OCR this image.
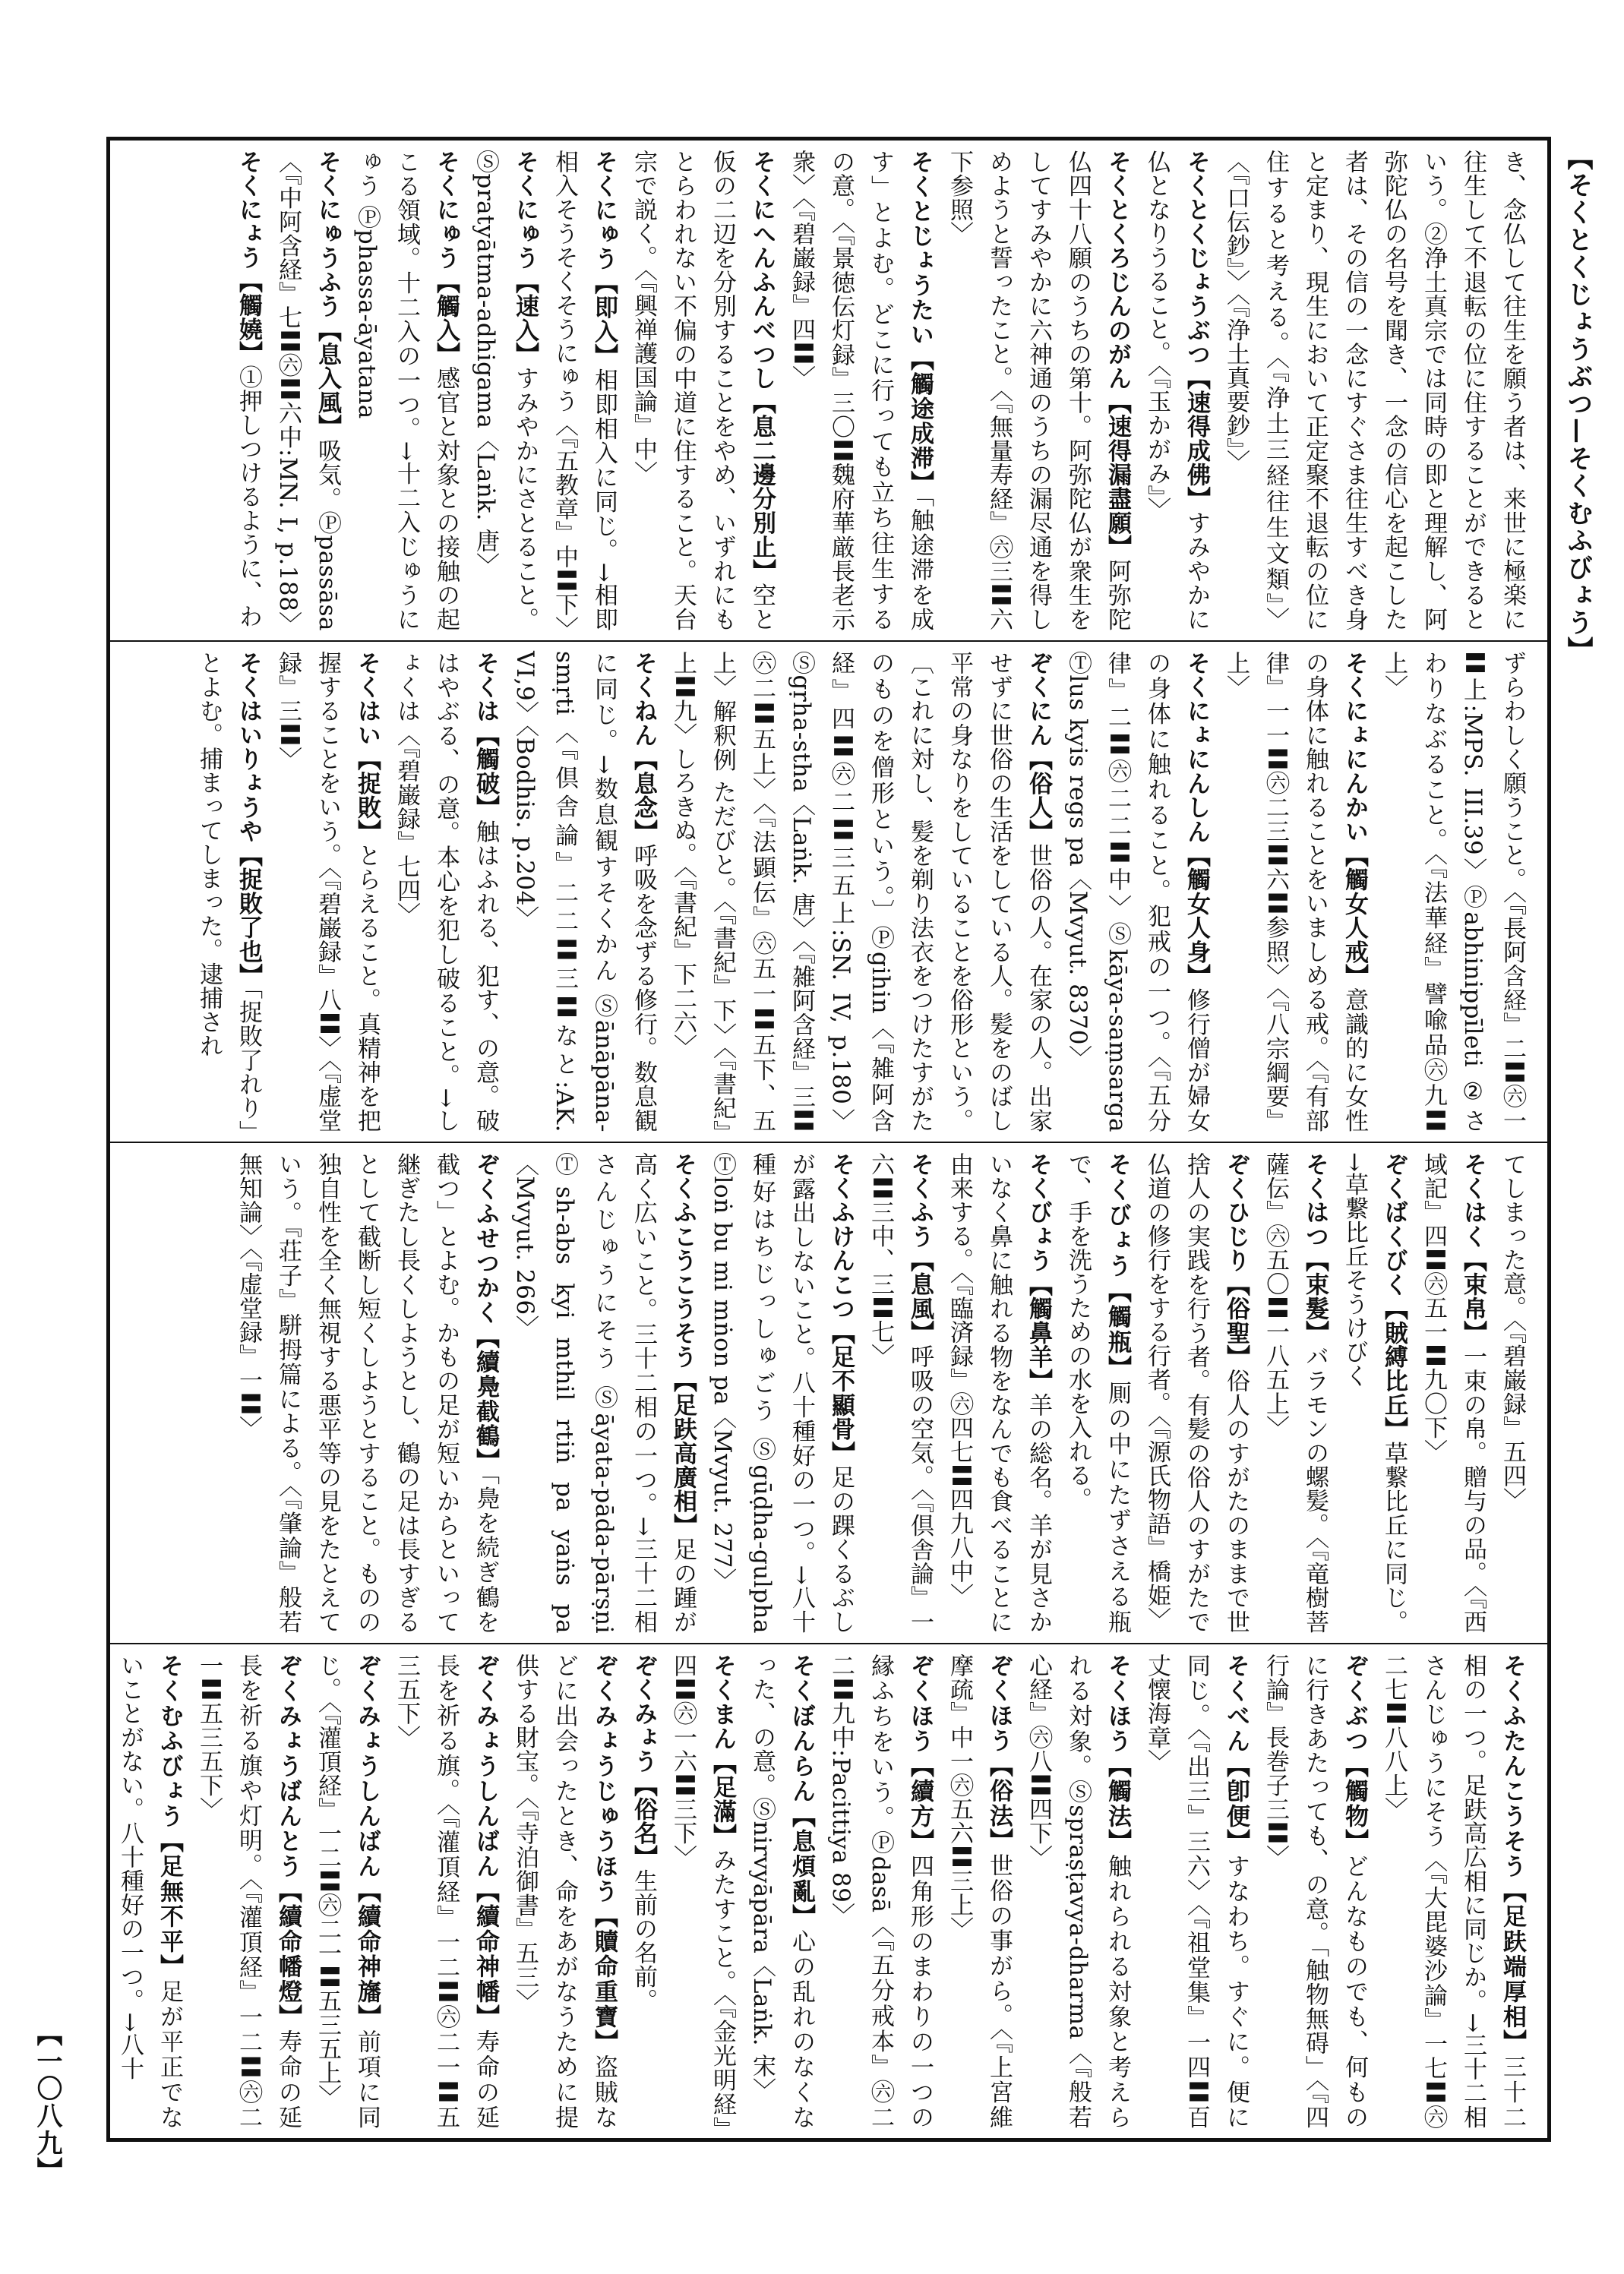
【そくとくじょうぶつ—そくむふびょう】
【一〇八九】
き、念仏して往生を願う者は、来世に極楽に往生して不退転の位に住することができるという。②浄土真宗では同時の即と理解し、阿弥陀仏の名号を聞き、一念の信心を起こした者は、その信の一念にすぐさま往生すべき身と定まり、現生において正定聚不退転の位に住すると考える。〈『浄土三経往生文類』〉〈『口伝鈔』〉〈『浄土真要鈔』〉
そくとくじょうぶつ【速得成佛】すみやかに仏となりうること。〈『玉かがみ』〉
そくとくろじんのがん【速得漏盡願】阿弥陀仏四十八願のうちの第十。阿弥陀仏が衆生をしてすみやかに六神通のうちの漏尽通を得しめようと誓ったこと。〈『無量寿経』㊅三〓六下参照〉
そくとじょうたい【觸途成滞】「触途滞を成す」とよむ。どこに行っても立ち往生する の意。〈『景徳伝灯録』三〇〓魏府華厳長老示衆〉〈『碧巌録』四〓〉
そくにへんふんべつし【息二邊分別止】空と仮の二辺を分別することをやめ、いずれにもとらわれない不偏の中道に住すること。天台宗で説く。〈『興禅護国論』中〉
そくにゅう【即入】相即相入に同じ。→相即相入そうそくそうにゅう〈『五教章』中〓下〉
そくにゅう【速入】すみやかにさとること。Ⓢpratyātma-adhigama〈Laṅk. 唐〉
そくにゅう【觸入】感官と対象との接触の起こる領域。十二入の一つ。→十二入じゅうにゅう Ⓟphassa-āyatana
そくにゅうふう【息入風】吸気。Ⓟpassāsa〈『中阿含経』七〓㊅〓六中:MN. I, p.188〉
そくにょう【觸嬈】①押しつけるように、わ
ずらわしく願うこと。〈『長阿含経』二〓㊅一〓上:MPS. III.39〉Ⓟabhinippīleti ②さわりなぶること。〈『法華経』譬喩品㊅九〓上〉
そくにょにんかい【觸女人戒】意識的に女性の身体に触れることをいましめる戒。〈『有部律』一一〓㊅二三〓六〓参照〉〈『八宗綱要』上〉
そくにょにんしん【觸女人身】修行僧が婦女の身体に触れること。犯戒の一つ。〈『五分律』二〓㊅二二〓中〉Ⓢkāya-saṃsarga Ⓣlus kyis regs pa〈Mvyut. 8370〉
ぞくにん【俗人】世俗の人。在家の人。出家せずに世俗の生活をしている人。髪をのばし平常の身なりをしていることを俗形という。〔これに対し、髪を剃り法衣をつけたすがたのものを僧形という。〕Ⓟgihin〈『雑阿含経』四〓㊅二〓三五上:SN. IV, p.180〉Ⓢgṛha-stha〈Laṅk. 唐〉〈『雑阿含経』三〓㊅二〓五上〉〈『法顕伝』㊅五一〓五下、五上〉解釈例 ただびと。〈『書紀』下〉〈『書紀』上〓九〉しろきぬ。〈『書紀』下二六〉
そくねん【息念】呼吸を念ずる修行。数息観に同じ。→数息観すそくかん Ⓢānāpāna-smṛti〈『倶舎論』二二〓三〓なと:AK. VI,9〉〈Bodhis. p.204〉
そくは【觸破】触はふれる、犯す、の意。破はやぶる、の意。本心を犯し破ること。→しょくは〈『碧巌録』七四〉
そくはい【捉敗】とらえること。真精神を把握することをいう。〈『碧巌録』八〓〉〈『虚堂録』三〓〉
そくはいりょうや【捉敗了也】「捉敗了れり」とよむ。捕まってしまった。逮捕され
てしまった意。〈『碧巌録』五四〉
そくはく【束帛】一束の帛。贈与の品。〈『西域記』四〓㊅五一〓九〇下〉
ぞくばくびく【賊縛比丘】草繋比丘に同じ。→草繋比丘そうけびく
そくはつ【束髮】バラモンの螺髪。〈『竜樹菩薩伝』㊅五〇〓一八五上〉
ぞくひじり【俗聖】俗人のすがたのままで世捨人の実践を行う者。有髪の俗人のすがたで仏道の修行をする行者。〈『源氏物語』橋姫〉
そくびょう【觸瓶】厠の中にたずさえる瓶で、手を洗うための水を入れる。
そくびょう【觸鼻羊】羊の総名。羊が見さかいなく鼻に触れる物をなんでも食べることに由来する。〈『臨済録』㊅四七〓四九八中〉
そくふう【息風】呼吸の空気。〈『倶舎論』一六〓三中、三〓七〉
そくふけんこつ【足不顯骨】足の踝くるぶしが露出しないこと。八十種好の一つ。→八十種好はちじっしゅごう Ⓢgūḍha-gulpha Ⓣloṅ bu mi mṅon pa〈Mvyut. 277〉
そくふこうこうそう【足趺高廣相】足の踵が高く広いこと。三十二相の一つ。→三十二相さんじゅうにそう Ⓢāyata-pāda-pārṣṇi Ⓣsh-abs kyi mthil rtiṅ pa yaṅs pa〈Mvyut. 266〉
ぞくふせつかく【續鳧截鶴】「鳧を続ぎ鶴を截つ」とよむ。かもの足が短いからといって継ぎたし長くしようとし、鶴の足は長すぎるとして截断し短くしようとすること。ものの独自性を全く無視する悪平等の見をたとえていう。『荘子』駢拇篇による。〈『肇論』般若無知論〉〈『虚堂録』一〓〉
そくふたんこうそう【足趺端厚相】三十二相の一つ。足趺高広相に同じか。→三十二相さんじゅうにそう〈『大毘婆沙論』一七〓㊅二七〓八八上〉
ぞくぶつ【觸物】どんなものでも、何ものに行きあたっても、の意。「触物無碍」〈『四行論』長巻子三〓〉
そくべん【卽便】すなわち。すぐに。便に同じ。〈『出三』三六〉〈『祖堂集』一四〓百丈懐海章〉
そくほう【觸法】触れられる対象と考えられる対象。Ⓢspraṣṭavya-dharma〈『般若心経』㊅八〓四下〉
ぞくほう【俗法】世俗の事がら。〈『上宮維摩疏』中一㊅五六〓三上〉
ぞくほう【續方】四角形のまわりの一つの縁ふちをいう。Ⓟdasā〈『五分戒本』㊅二二〓九中:Pacittiya 89〉
そくぼんらん【息煩亂】心の乱れのなくなった、の意。Ⓢnirvyāpāra〈Laṅk. 宋〉
そくまん【足滿】みたすこと。〈『金光明経』四〓㊅一六〓三下〉
ぞくみょう【俗名】生前の名前。
ぞくみょうじゅうほう【贖命重寶】盗賊などに出会ったとき、命をあがなうために提供する財宝。〈『寺泊御書』五三〉
ぞくみょうしんばん【續命神幡】寿命の延長を祈る旗。〈『灌頂経』一二〓㊅二一〓五三五下〉
ぞくみょうしんばん【續命神旛】前項に同じ。〈『灌頂経』一二〓㊅二一〓五三五上〉
ぞくみょうばんとう【續命幡燈】寿命の延長を祈る旗や灯明。〈『灌頂経』一二〓㊅二一〓五三五下〉
そくむふびょう【足無不平】足が平正でないことがない。八十種好の一つ。→八十
